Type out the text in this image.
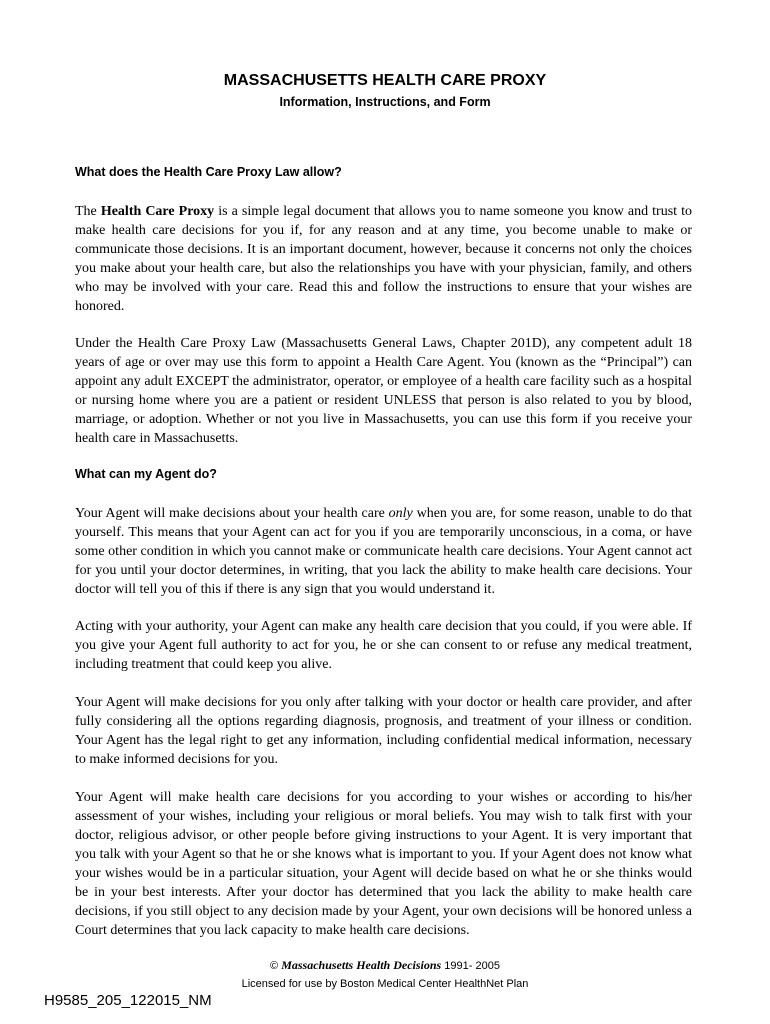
MASSACHUSETTS HEALTH CARE PROXY
Information, Instructions, and Form
What does the Health Care Proxy Law allow?

The Health Care Proxy is a simple legal document that allows you to name someone you know and trust to make health care decisions for you if, for any reason and at any time, you become unable to make or communicate those decisions. It is an important document, however, because it concerns not only the choices you make about your health care, but also the relationships you have with your physician, family, and others who may be involved with your care. Read this and follow the instructions to ensure that your wishes are honored.

Under the Health Care Proxy Law (Massachusetts General Laws, Chapter 201D), any competent adult 18 years of age or over may use this form to appoint a Health Care Agent. You (known as the “Principal”) can appoint any adult EXCEPT the administrator, operator, or employee of a health care facility such as a hospital or nursing home where you are a patient or resident UNLESS that person is also related to you by blood, marriage, or adoption. Whether or not you live in Massachusetts, you can use this form if you receive your health care in Massachusetts.

What can my Agent do?

Your Agent will make decisions about your health care only when you are, for some reason, unable to do that yourself. This means that your Agent can act for you if you are temporarily unconscious, in a coma, or have some other condition in which you cannot make or communicate health care decisions. Your Agent cannot act for you until your doctor determines, in writing, that you lack the ability to make health care decisions. Your doctor will tell you of this if there is any sign that you would understand it.

Acting with your authority, your Agent can make any health care decision that you could, if you were able. If you give your Agent full authority to act for you, he or she can consent to or refuse any medical treatment, including treatment that could keep you alive.

Your Agent will make decisions for you only after talking with your doctor or health care provider, and after fully considering all the options regarding diagnosis, prognosis, and treatment of your illness or condition. Your Agent has the legal right to get any information, including confidential medical information, necessary to make informed decisions for you.

Your Agent will make health care decisions for you according to your wishes or according to his/her assessment of your wishes, including your religious or moral beliefs. You may wish to talk first with your doctor, religious advisor, or other people before giving instructions to your Agent. It is very important that you talk with your Agent so that he or she knows what is important to you. If your Agent does not know what your wishes would be in a particular situation, your Agent will decide based on what he or she thinks would be in your best interests. After your doctor has determined that you lack the ability to make health care decisions, if you still object to any decision made by your Agent, your own decisions will be honored unless a Court determines that you lack capacity to make health care decisions.

© Massachusetts Health Decisions 1991- 2005

Licensed for use by Boston Medical Center HealthNet Plan

H9585_205_122015_NM
